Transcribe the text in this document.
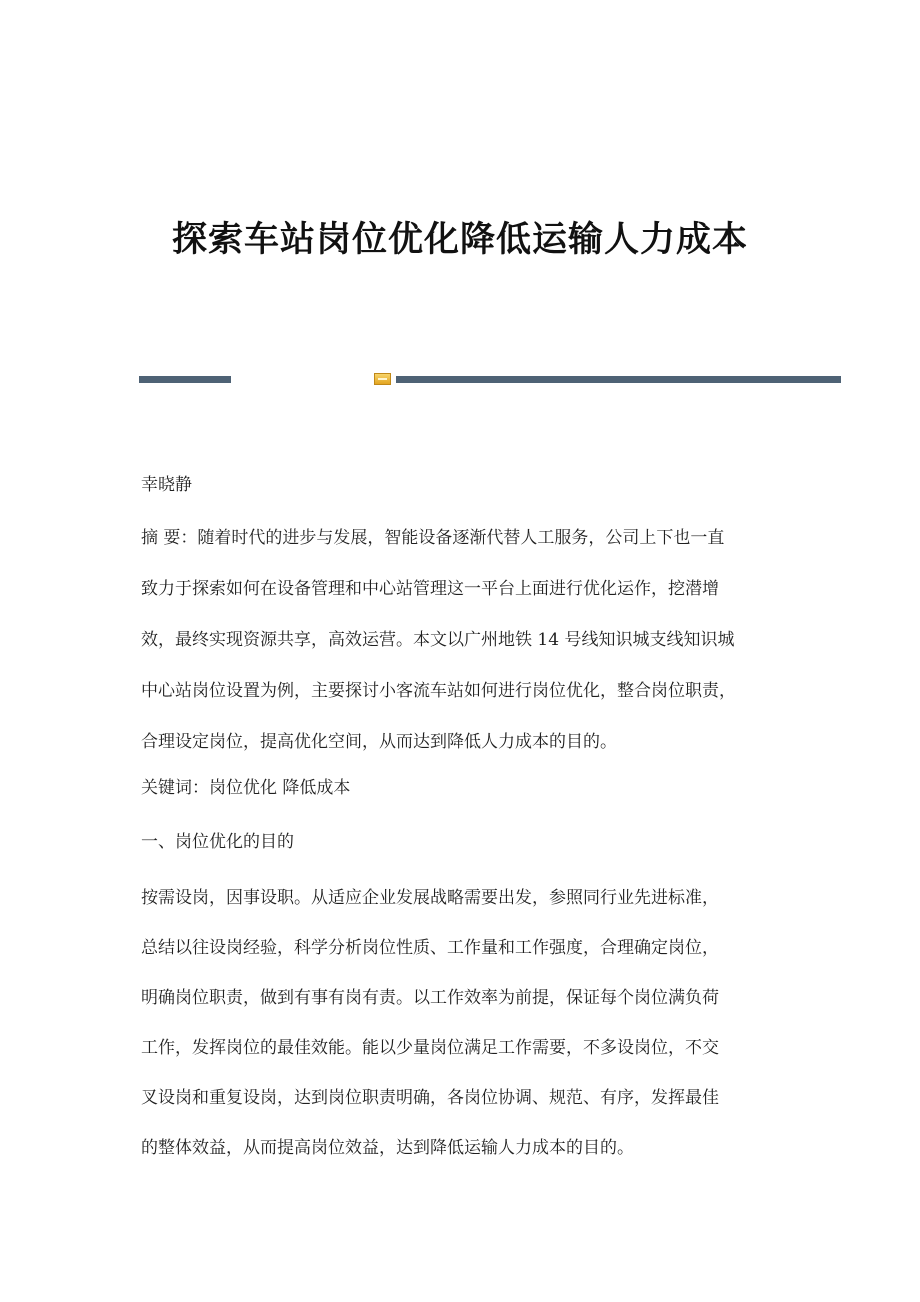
探索车站岗位优化降低运输人力成本
幸晓静
摘 要：随着时代的进步与发展，智能设备逐渐代替人工服务，公司上下也一直
致力于探索如何在设备管理和中心站管理这一平台上面进行优化运作，挖潜增
效，最终实现资源共享，高效运营。本文以广州地铁 14 号线知识城支线知识城
中心站岗位设置为例，主要探讨小客流车站如何进行岗位优化，整合岗位职责，
合理设定岗位，提高优化空间，从而达到降低人力成本的目的。
关键词：岗位优化 降低成本
一、岗位优化的目的
按需设岗，因事设职。从适应企业发展战略需要出发，参照同行业先进标准，
总结以往设岗经验，科学分析岗位性质、工作量和工作强度，合理确定岗位，
明确岗位职责，做到有事有岗有责。以工作效率为前提，保证每个岗位满负荷
工作，发挥岗位的最佳效能。能以少量岗位满足工作需要，不多设岗位，不交
叉设岗和重复设岗，达到岗位职责明确，各岗位协调、规范、有序，发挥最佳
的整体效益，从而提高岗位效益，达到降低运输人力成本的目的。
